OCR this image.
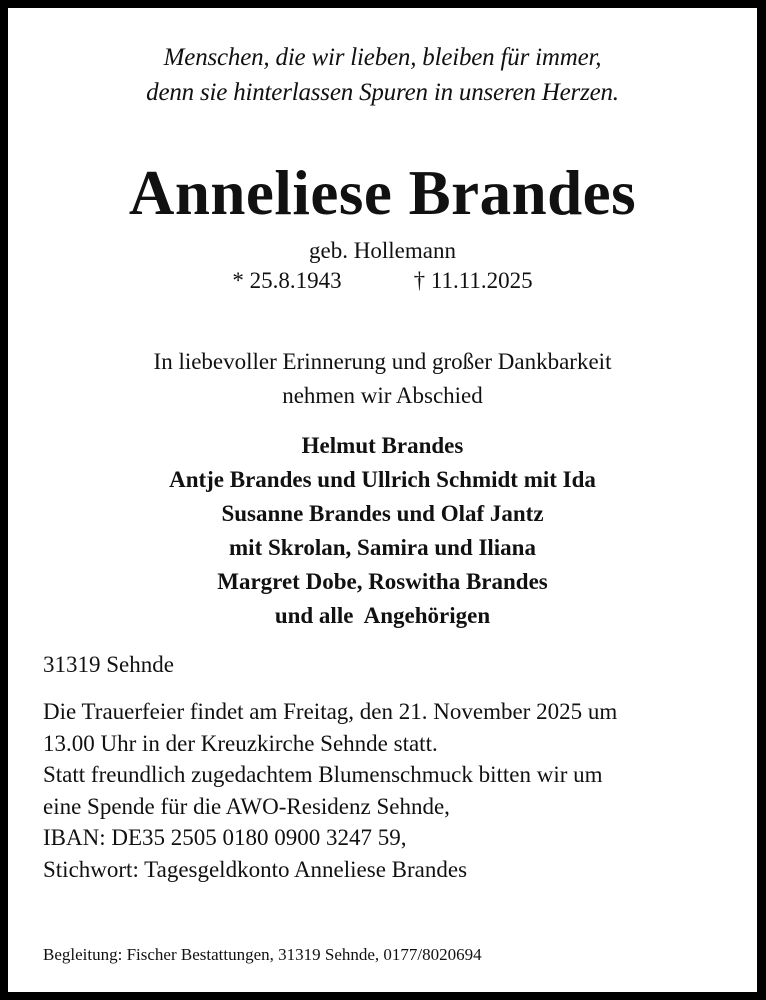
Menschen, die wir lieben, bleiben für immer,
denn sie hinterlassen Spuren in unseren Herzen.
Anneliese Brandes
geb. Hollemann
* 25.8.1943	† 11.11.2025
In liebevoller Erinnerung und großer Dankbarkeit
nehmen wir Abschied
Helmut Brandes
Antje Brandes und Ullrich Schmidt mit Ida
Susanne Brandes und Olaf Jantz
mit Skrolan, Samira und Iliana
Margret Dobe, Roswitha Brandes
und alle  Angehörigen
31319 Sehnde
Die Trauerfeier findet am Freitag, den 21. November 2025 um
13.00 Uhr in der Kreuzkirche Sehnde statt.
Statt freundlich zugedachtem Blumenschmuck bitten wir um
eine Spende für die AWO-Residenz Sehnde,
IBAN: DE35 2505 0180 0900 3247 59,
Stichwort: Tagesgeldkonto Anneliese Brandes
Begleitung: Fischer Bestattungen, 31319 Sehnde, 0177/8020694
